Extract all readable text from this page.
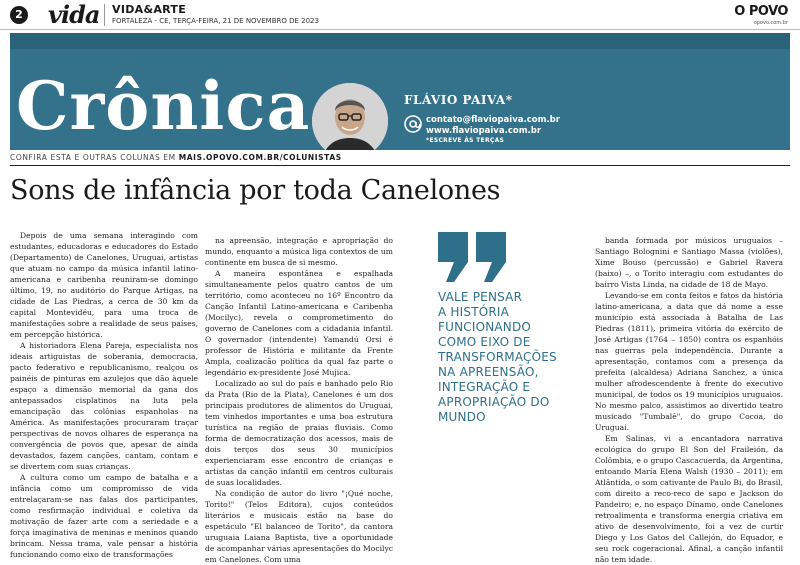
2 vida VIDA&ARTE
FORTALEZA - CE, TERÇA-FEIRA, 21 DE NOVEMBRO DE 2023
O POVO
opovo.com.br
Crônica	FLÁVIO PAIVA*
contato@flaviopaiva.com.br
www.flaviopaiva.com.br
*ESCREVE ÀS TERÇAS
CONFIRA ESTA E OUTRAS COLUNAS EM MAIS.OPOVO.COM.BR/COLUNISTAS
Sons de infância por toda Canelones

Depois de uma semana interagindo com estudantes, educadoras e educadores do Estado (Departamento) de Canelones, Uruguai, artistas que atuam no campo da música infantil latino-americana e caribenha reuniram-se domingo último, 19, no auditório do Parque Artigas, na cidade de Las Piedras, a cerca de 30 km da capital Montevidéu, para uma troca de manifestações sobre a realidade de seus países, em percepção histórica.

A historiadora Elena Pareja, especialista nos ideais artiguistas de soberania, democracia, pacto federativo e republicanismo, realçou os painéis de pinturas em azulejos que dão àquele espaço a dimensão memorial da gana dos antepassados cisplatinos na luta pela emancipação das colônias espanholas na América. As manifestações procuraram traçar perspectivas de novos olhares de esperança na convergência de povos que, apesar de ainda devastados, fazem canções, cantam, contam e se divertem com suas crianças.

A cultura como um campo de batalha e a infância como um compromisso de vida entrelaçaram-se nas falas dos participantes, como resfirmação individual e coletiva da motivação de fazer arte com a seriedade e a força imaginativa de meninas e meninos quando brincam. Nessa trama, vale pensar a história funcionando como eixo de transformações

na apreensão, integração e apropriação do mundo, enquanto a música liga contextos de um continente em busca de si mesmo.

A maneira espontânea e espalhada simultaneamente pelos quatro cantos de um território, como aconteceu no 16º Encontro da Canção Infantil Latino-americana e Caribenha (Mocilyc), revela o comprometimento do governo de Canelones com a cidadania infantil. O governador (intendente) Yamandú Orsi é professor de História e militante da Frente Ampla, coalizacão política da qual faz parte o legendário ex-presidente José Mujica.

Localizado ao sul do país e banhado pelo Rio da Prata (Rio de la Plata), Canelones é um dos principais produtores de alimentos do Uruguai, tem vinhedos importantes e uma boa estrutura turística na região de praias fluviais. Como forma de democratização dos acessos, mais de dois terços dos seus 30 municípios experienciaram esse encontro de crianças e artistas da canção infantil em centros culturais de suas localidades.

Na condição de autor do livro "¡Qué noche, Torito!" (Telos Editora), cujos conteúdos literários e musicais estão na base do espetáculo "El balanceo de Torito", da cantora uruguaia Laiana Baptista, tive a oportunidade de acompanhar várias apresentações do Mocilyc em Canelones. Com uma

VALE PENSAR
A HISTÓRIA
FUNCIONANDO
COMO EIXO DE
TRANSFORMAÇÕES
NA APREENSÃO,
INTEGRAÇÃO E
APROPRIAÇÃO DO
MUNDO

banda formada por músicos uruguaios – Santiago Bolognini e Santiago Massa (violões), Xime Bouso (percussão) e Gabriel Ravera (baixo) –, o Torito interagiu com estudantes do bairro Vista Linda, na cidade de 18 de Mayo.

Levando-se em conta feitos e fatos da história latino-americana, a data que dá nome a esse município está associada à Batalha de Las Piedras (1811), primeira vitória do exército de José Artigas (1764 – 1850) contra os espanhóis nas guerras pela independência. Durante a apresentação, contamos com a presença da prefeita (alcaldesa) Adriana Sanchez, a única mulher afrodescendente à frente do executivo municipal, de todos os 19 municípios uruguaios. No mesmo palco, assistimos ao divertido teatro musicado "Tumbalê", do grupo Cocoa, do Uruguai.

Em Salinas, vi a encantadora narrativa ecológica do grupo El Son del Fraileión, da Colômbia, e o grupo Cascacuerda, da Argentina, entoando María Elena Walsh (1930 – 2011); em Atlântida, o som cativante de Paulo Bi, do Brasil, com direito a reco-reco de sapo e Jackson do Pandeiro; e, no espaço Dínamo, onde Canelones retroalimenta e transforma energia criativa em ativo de desenvolvimento, foi a vez de curtir Diego y Los Gatos del Callejón, do Equador, e seu rock cogeracional. Afinal, a canção infantil não tem idade.
